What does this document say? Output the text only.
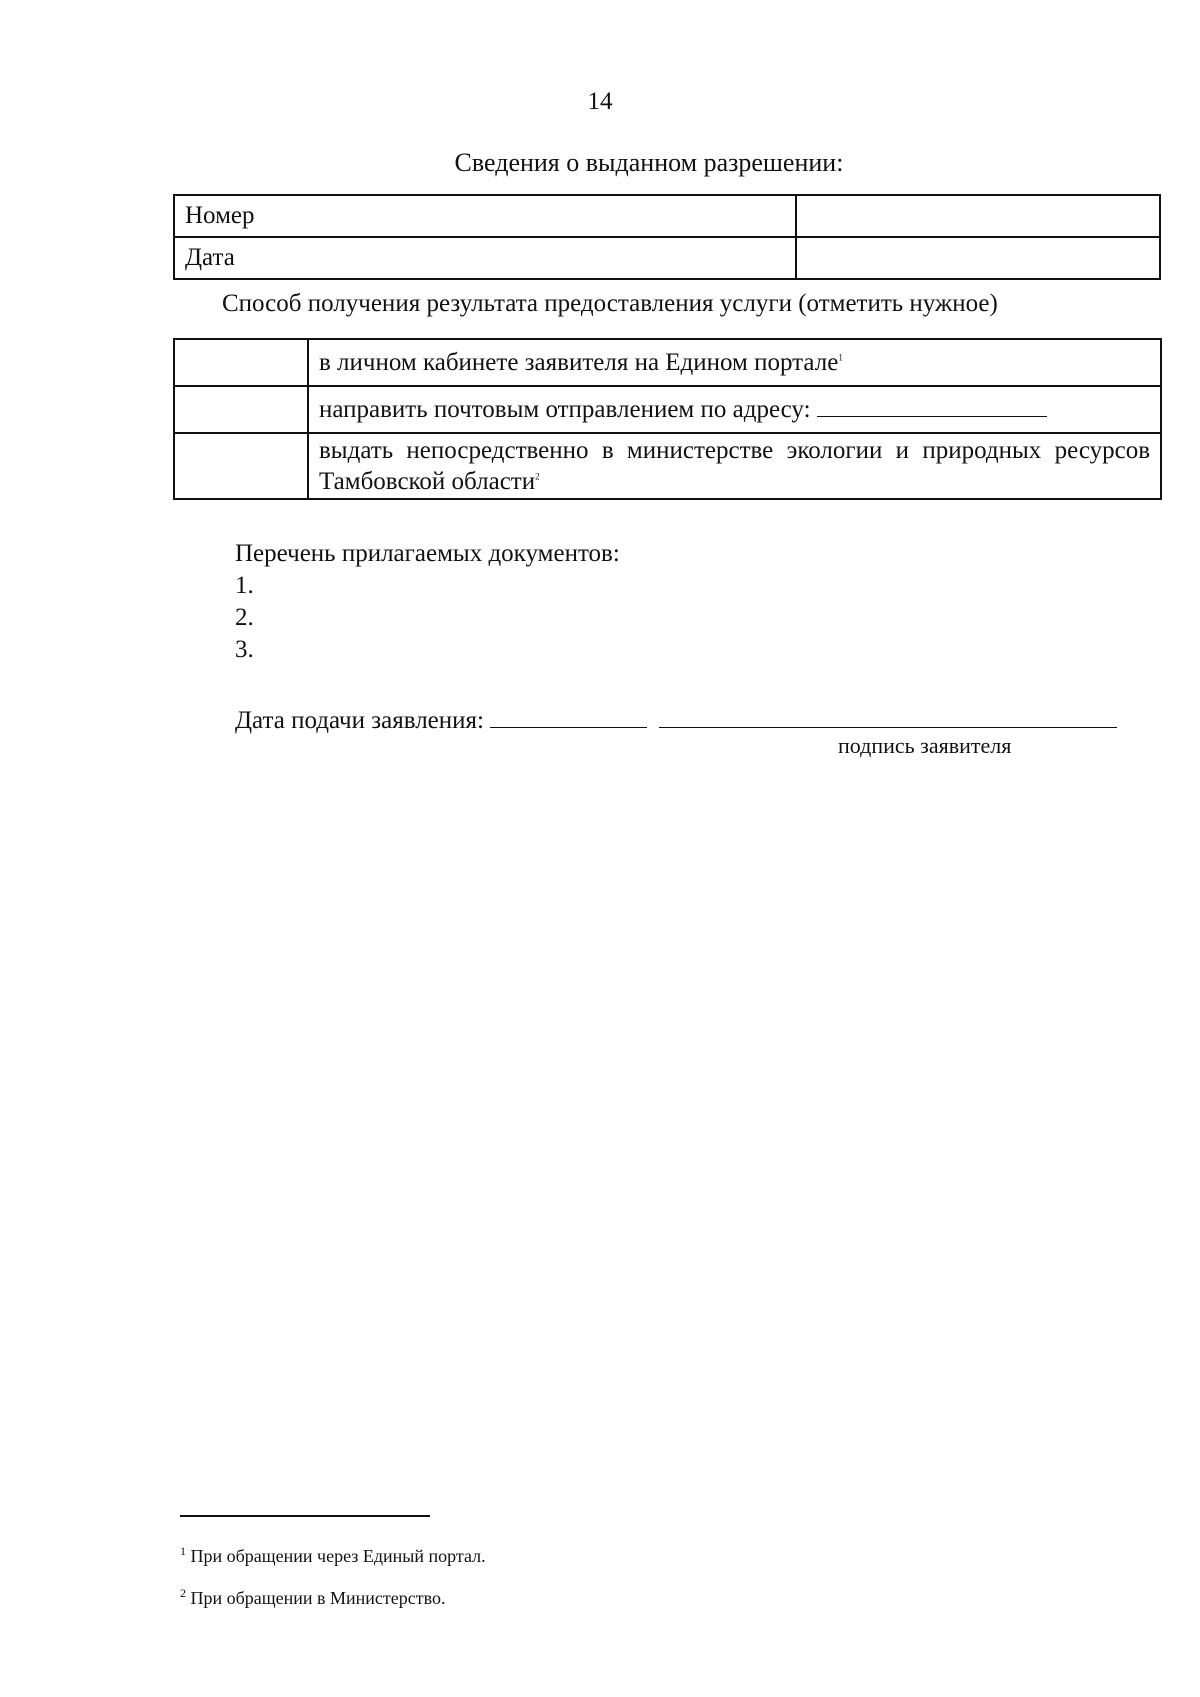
14
Сведения о выданном разрешении:
Номер	
Дата	
Способ получения результата предоставления услуги (отметить нужное)
	в личном кабинете заявителя на Едином портале$^1$
	направить почтовым отправлением по адресу:
	выдать непосредственно в министерстве экологии и природных ресурсов Тамбовской области$^2$
Перечень прилагаемых документов:
1.
2.
3.
Дата подачи заявления:
подпись заявителя
$^1$ При обращении через Единый портал.
$^2$ При обращении в Министерство.
